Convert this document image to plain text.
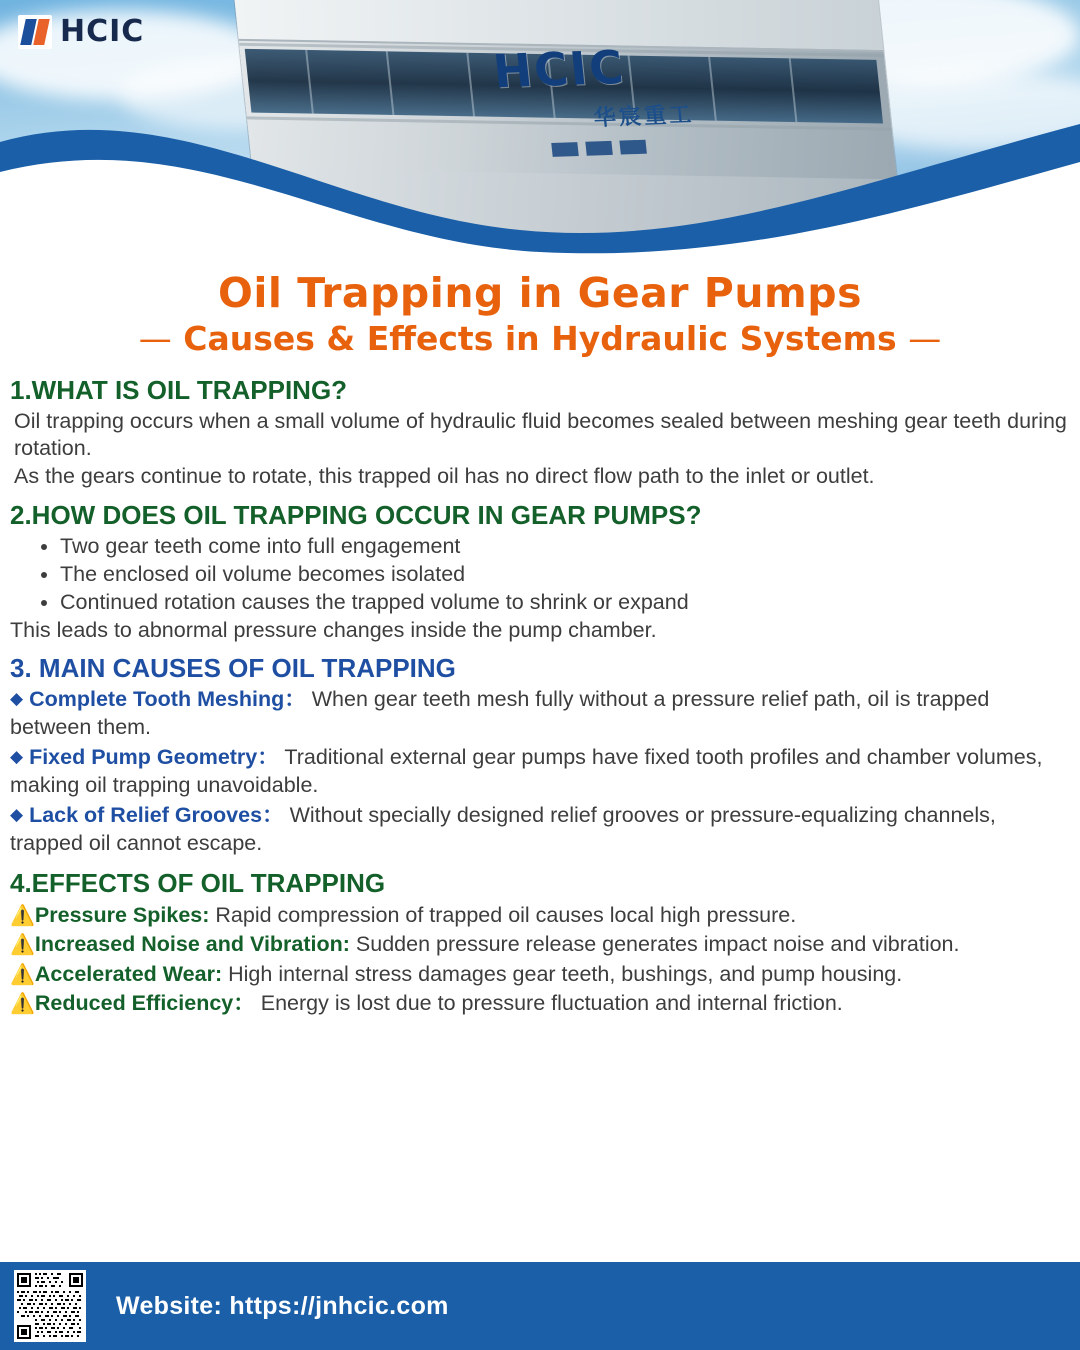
HCIC
华宸重工
HCIC
Oil Trapping in Gear Pumps
— Causes & Effects in Hydraulic Systems —
1.WHAT IS OIL TRAPPING?
Oil trapping occurs when a small volume of hydraulic fluid becomes sealed between meshing gear teeth during rotation.
As the gears continue to rotate, this trapped oil has no direct flow path to the inlet or outlet.
2.HOW DOES OIL TRAPPING OCCUR IN GEAR PUMPS?
• Two gear teeth come into full engagement
• The enclosed oil volume becomes isolated
• Continued rotation causes the trapped volume to shrink or expand
This leads to abnormal pressure changes inside the pump chamber.
3. MAIN CAUSES OF OIL TRAPPING
◆ Complete Tooth Meshing： When gear teeth mesh fully without a pressure relief path, oil is trapped between them.
◆ Fixed Pump Geometry： Traditional external gear pumps have fixed tooth profiles and chamber volumes, making oil trapping unavoidable.
◆ Lack of Relief Grooves： Without specially designed relief grooves or pressure-equalizing channels, trapped oil cannot escape.
4.EFFECTS OF OIL TRAPPING
⚠️Pressure Spikes: Rapid compression of trapped oil causes local high pressure.
⚠️Increased Noise and Vibration: Sudden pressure release generates impact noise and vibration.
⚠️Accelerated Wear: High internal stress damages gear teeth, bushings, and pump housing.
⚠️Reduced Efficiency： Energy is lost due to pressure fluctuation and internal friction.
Website: https://jnhcic.com
